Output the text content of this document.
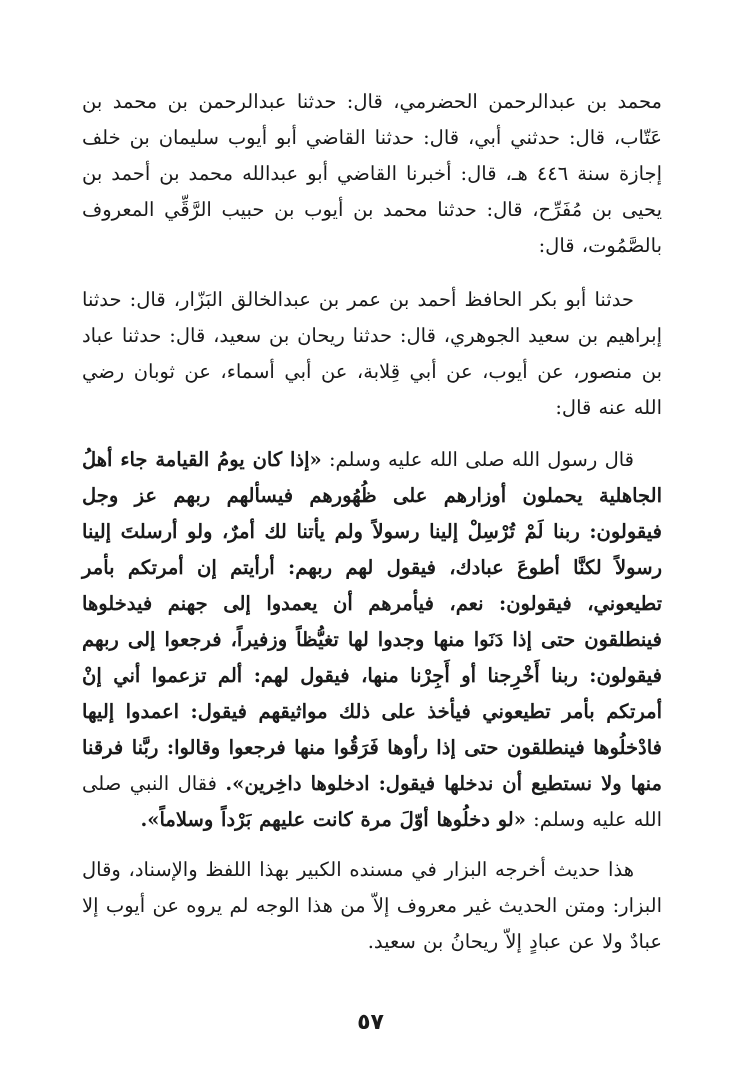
محمد بن عبدالرحمن الحضرمي، قال: حدثنا عبدالرحمن بن محمد بن عَتّاب، قال: حدثني أبي، قال: حدثنا القاضي أبو أيوب سليمان بن خلف إجازة سنة ٤٤٦ هـ، قال: أخبرنا القاضي أبو عبدالله محمد بن أحمد بن يحيى بن مُفَرِّح، قال: حدثنا محمد بن أيوب بن حبيب الرَّقِّي المعروف بالصَّمُوت، قال:

حدثنا أبو بكر الحافظ أحمد بن عمر بن عبدالخالق البَزّار، قال: حدثنا إبراهيم بن سعيد الجوهري، قال: حدثنا ريحان بن سعيد، قال: حدثنا عباد بن منصور، عن أيوب، عن أبي قِلابة، عن أبي أسماء، عن ثوبان رضي الله عنه قال:

قال رسول الله صلى الله عليه وسلم: «إذا كان يومُ القيامة جاء أهلُ الجاهلية يحملون أوزارهم على ظُهُورهم فيسألهم ربهم عز وجل فيقولون: ربنا لَمْ تُرْسِلْ إلينا رسولاً ولم يأتنا لك أمرٌ، ولو أرسلتَ إلينا رسولاً لكنَّا أطوعَ عبادك، فيقول لهم ربهم: أرأيتم إن أمرتكم بأمر تطيعوني، فيقولون: نعم، فيأمرهم أن يعمدوا إلى جهنم فيدخلوها فينطلقون حتى إذا دَنَوا منها وجدوا لها تغيُّظاً وزفيراً، فرجعوا إلى ربهم فيقولون: ربنا أَخْرِجنا أو أَجِرْنا منها، فيقول لهم: ألم تزعموا أني إنْ أمرتكم بأمر تطيعوني فيأخذ على ذلك مواثيقهم فيقول: اعمدوا إليها فادْخلُوها فينطلقون حتى إذا رأوها فَرَقُوا منها فرجعوا وقالوا: ربَّنا فرقنا منها ولا نستطيع أن ندخلها فيقول: ادخلوها داخِرين». فقال النبي صلى الله عليه وسلم: «لو دخلُوها أوّلَ مرة كانت عليهم بَرْداً وسلاماً».

هذا حديث أخرجه البزار في مسنده الكبير بهذا اللفظ والإسناد، وقال البزار: ومتن الحديث غير معروف إلاّ من هذا الوجه لم يروه عن أيوب إلا عبادٌ ولا عن عبادٍ إلاّ ريحانُ بن سعيد.

٥٧
